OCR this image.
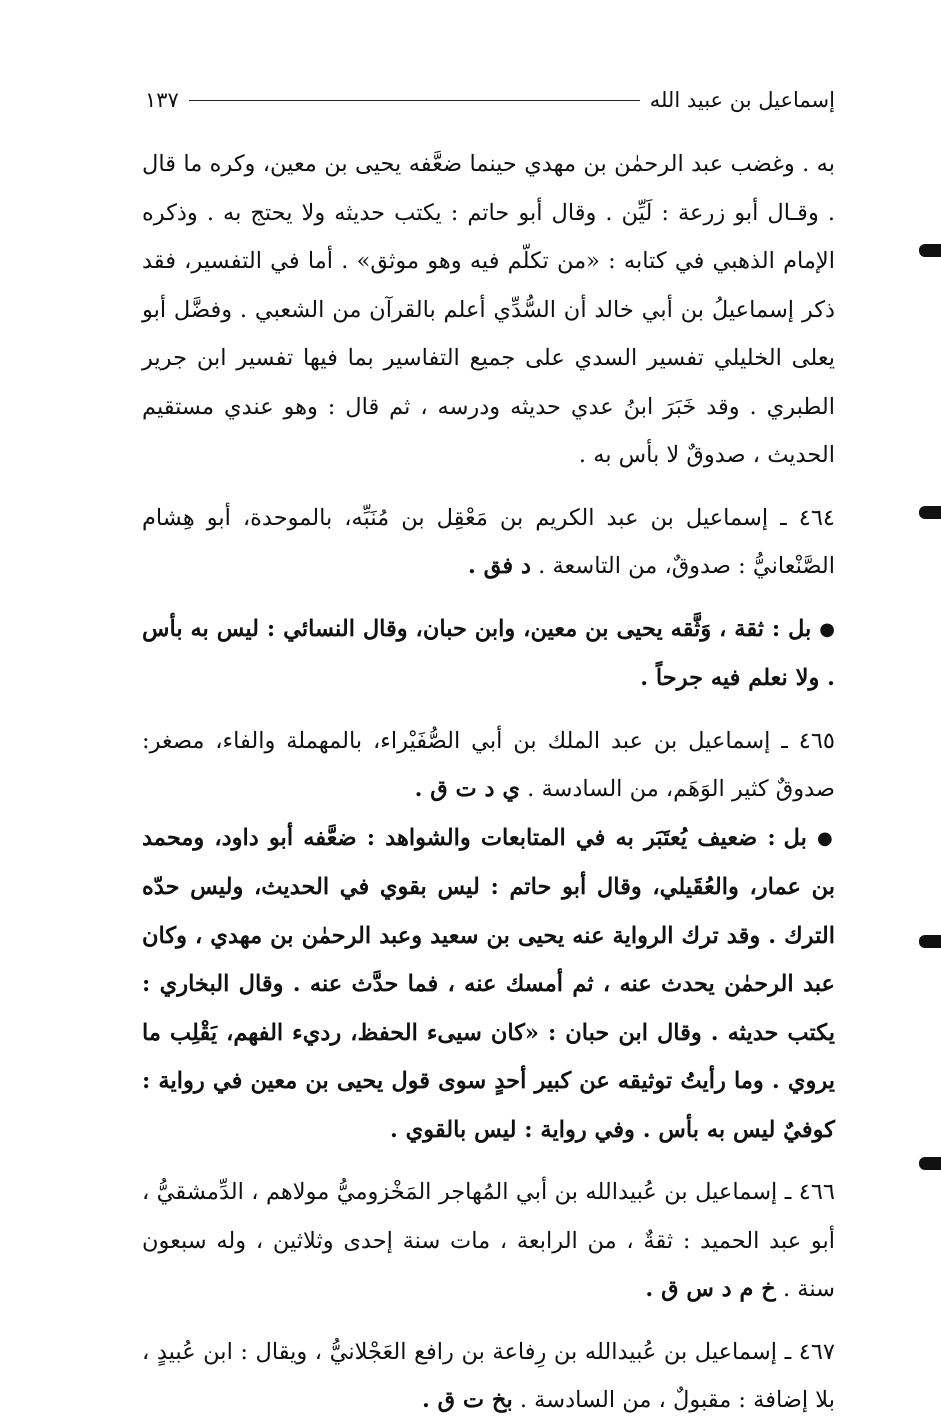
إسماعيل بن عبيد الله
١٣٧

به . وغضب عبد الرحمٰن بن مهدي حينما ضعَّفه يحيى بن معين، وكره ما قال . وقـال أبو زرعة : لَيِّن . وقال أبو حاتم : يكتب حديثه ولا يحتج به . وذكره الإمام الذهبي في كتابه : «من تكلّم فيه وهو موثق» . أما في التفسير، فقد ذكر إسماعيلُ بن أبي خالد أن السُّدِّي أعلم بالقرآن من الشعبي . وفضَّل أبو يعلى الخليلي تفسير السدي على جميع التفاسير بما فيها تفسير ابن جرير الطبري . وقد خَبَرَ ابنُ عدي حديثه ودرسه ، ثم قال : وهو عندي مستقيم الحديث ، صدوقٌ لا بأس به .

٤٦٤ ـ إسماعيل بن عبد الكريم بن مَعْقِل بن مُنَبِّه، بالموحدة، أبو هِشام الصَّنْعانيُّ : صدوقٌ، من التاسعة . د فق .

● بل : ثقة ، وَثَّقه يحيى بن معين، وابن حبان، وقال النسائي : ليس به بأس . ولا نعلم فيه جرحاً .

٤٦٥ ـ إسماعيل بن عبد الملك بن أبي الصُّفَيْراء، بالمهملة والفاء، مصغر: صدوقٌ كثير الوَهَم، من السادسة . ي د ت ق .

● بل : ضعيف يُعتَبَر به في المتابعات والشواهد : ضعَّفه أبو داود، ومحمد بن عمار، والعُقَيلي، وقال أبو حاتم : ليس بقوي في الحديث، وليس حدّه الترك . وقد ترك الرواية عنه يحيى بن سعيد وعبد الرحمٰن بن مهدي ، وكان عبد الرحمٰن يحدث عنه ، ثم أمسك عنه ، فما حدَّث عنه . وقال البخاري : يكتب حديثه . وقال ابن حبان : «كان سيىء الحفظ، رديء الفهم، يَقْلِب ما يروي . وما رأيتُ توثيقه عن كبير أحدٍ سوى قول يحيى بن معين في رواية : كوفيٌ ليس به بأس . وفي رواية : ليس بالقوي .

٤٦٦ ـ إسماعيل بن عُبيدالله بن أبي المُهاجر المَخْزوميُّ مولاهم ، الدِّمشقيُّ ، أبو عبد الحميد : ثقةٌ ، من الرابعة ، مات سنة إحدى وثلاثين ، وله سبعون سنة . خ م د س ق .

٤٦٧ ـ إسماعيل بن عُبيدالله بن رِفاعة بن رافع العَجْلانيُّ ، ويقال : ابن عُبيدٍ ، بلا إضافة : مقبولٌ ، من السادسة . بخ ت ق .
